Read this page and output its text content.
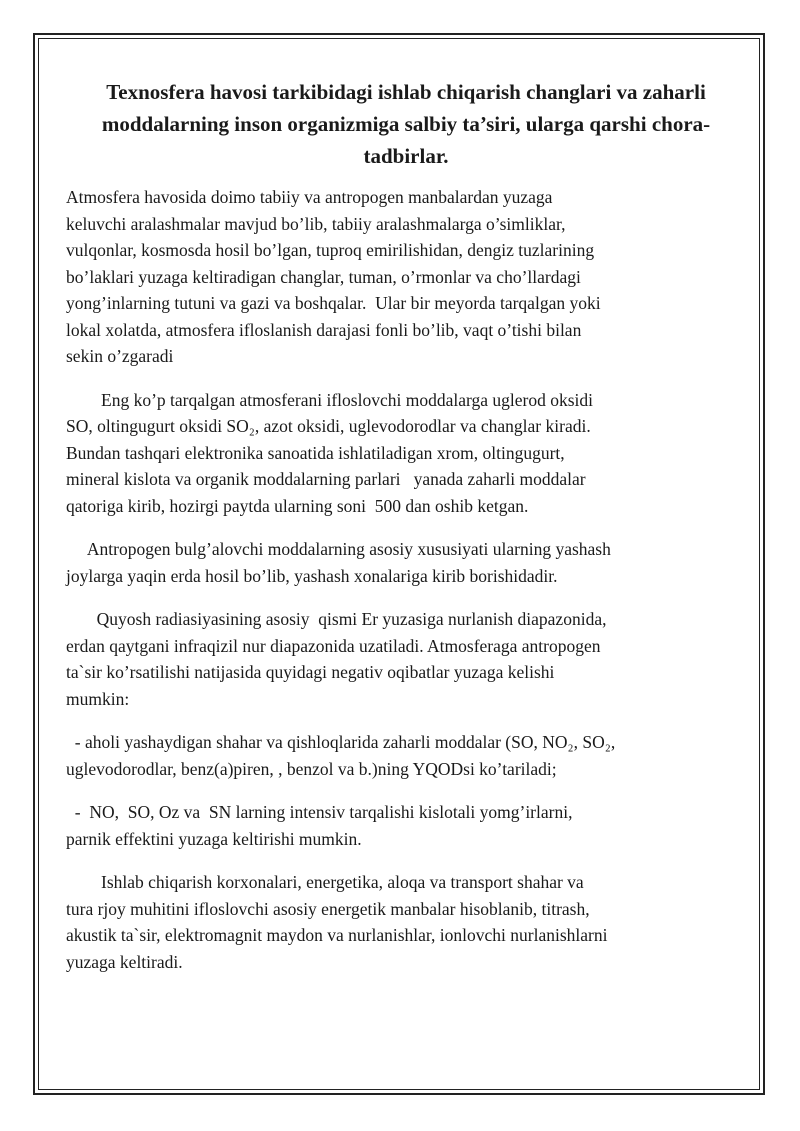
Texnosfera havosi tarkibidagi ishlab chiqarish changlari va zaharli moddalarning inson organizmiga salbiy ta’siri, ularga qarshi chora-tadbirlar.
Atmosfera havosida doimo tabiiy va antropogen manbalardan yuzaga
keluvchi aralashmalar mavjud bo’lib, tabiiy aralashmalarga o’simliklar,
vulqonlar, kosmosda hosil bo’lgan, tuproq emirilishidan, dengiz tuzlarining
bo’laklari yuzaga keltiradigan changlar, tuman, o’rmonlar va cho’llardagi
yong’inlarning tutuni va gazi va boshqalar.  Ular bir meyorda tarqalgan yoki
lokal xolatda, atmosfera ifloslanish darajasi fonli bo’lib, vaqt o’tishi bilan
sekin o’zgaradi
Eng ko’p tarqalgan atmosferani ifloslovchi moddalarga uglerod oksidi
SO, oltingugurt oksidi SO₂, azot oksidi, uglevodorodlar va changlar kiradi.
Bundan tashqari elektronika sanoatida ishlatiladigan xrom, oltingugurt,
mineral kislota va organik moddalarning parlari   yanada zaharli moddalar
qatoriga kirib, hozirgi paytda ularning soni  500 dan oshib ketgan.
Antropogen bulg’alovchi moddalarning asosiy xususiyati ularning yashash
joylarga yaqin erda hosil bo’lib, yashash xonalariga kirib borishidadir.
Quyosh radiasiyasining asosiy  qismi Er yuzasiga nurlanish diapazonida,
erdan qaytgani infraqizil nur diapazonida uzatiladi. Atmosferaga antropogen
ta`sir ko’rsatilishi natijasida quyidagi negativ oqibatlar yuzaga kelishi
mumkin:
- aholi yashaydigan shahar va qishloqlarida zaharli moddalar (SO, NO₂, SO₂,
uglevodorodlar, benz(a)piren, , benzol va b.)ning YQODsi ko’tariladi;
-  NO,  SO, Oz va  SN larning intensiv tarqalishi kislotali yomg’irlarni,
parnik effektini yuzaga keltirishi mumkin.
Ishlab chiqarish korxonalari, energetika, aloqa va transport shahar va
tura rjoy muhitini ifloslovchi asosiy energetik manbalar hisoblanib, titrash,
akustik ta`sir, elektromagnit maydon va nurlanishlar, ionlovchi nurlanishlarni
yuzaga keltiradi.
